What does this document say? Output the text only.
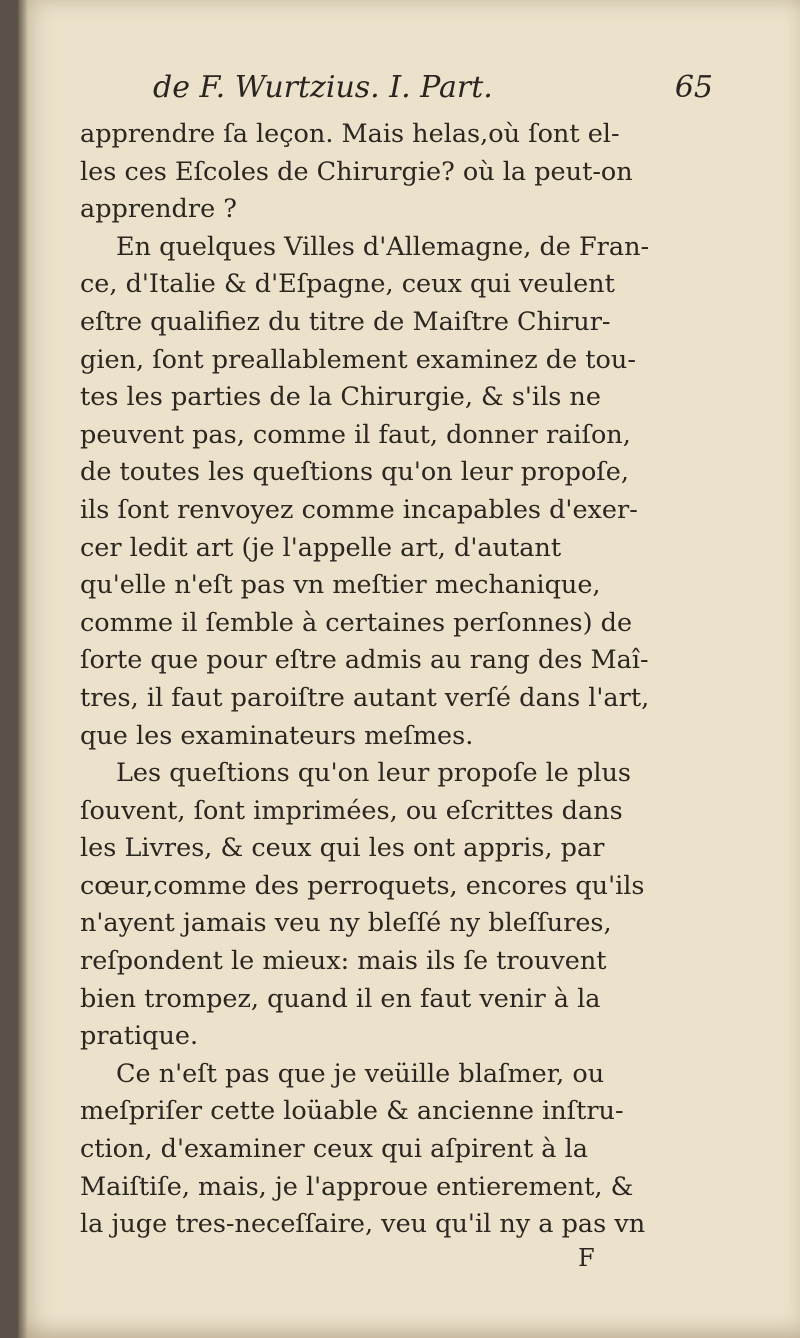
de F. Wurtzius. I. Part.	65
apprendre ſa leçon. Mais helas,où ſont el-
les ces Eſcoles de Chirurgie? où la peut-on
apprendre ?
En quelques Villes d'Allemagne, de Fran-
ce, d'Italie & d'Eſpagne, ceux qui veulent
eſtre qualifiez du titre de Maiſtre Chirur-
gien, ſont preallablement examinez de tou-
tes les parties de la Chirurgie, & s'ils ne
peuvent pas, comme il faut, donner raiſon,
de toutes les queſtions qu'on leur propoſe,
ils ſont renvoyez comme incapables d'exer-
cer ledit art (je l'appelle art, d'autant
qu'elle n'eſt pas vn meſtier mechanique,
comme il ſemble à certaines perſonnes) de
ſorte que pour eſtre admis au rang des Maî-
tres, il faut paroiſtre autant verſé dans l'art,
que les examinateurs meſmes.
Les queſtions qu'on leur propoſe le plus
ſouvent, ſont imprimées, ou eſcrittes dans
les Livres, & ceux qui les ont appris, par
cœur,comme des perroquets, encores qu'ils
n'ayent jamais veu ny bleſſé ny bleſſures,
reſpondent le mieux: mais ils ſe trouvent
bien trompez, quand il en faut venir à la
pratique.
Ce n'eſt pas que je veüille blaſmer, ou
meſpriſer cette loüable & ancienne inſtru-
ction, d'examiner ceux qui aſpirent à la
Maiſtiſe, mais, je l'approue entierement, &
la juge tres-neceſſaire, veu qu'il ny a pas vn
F
